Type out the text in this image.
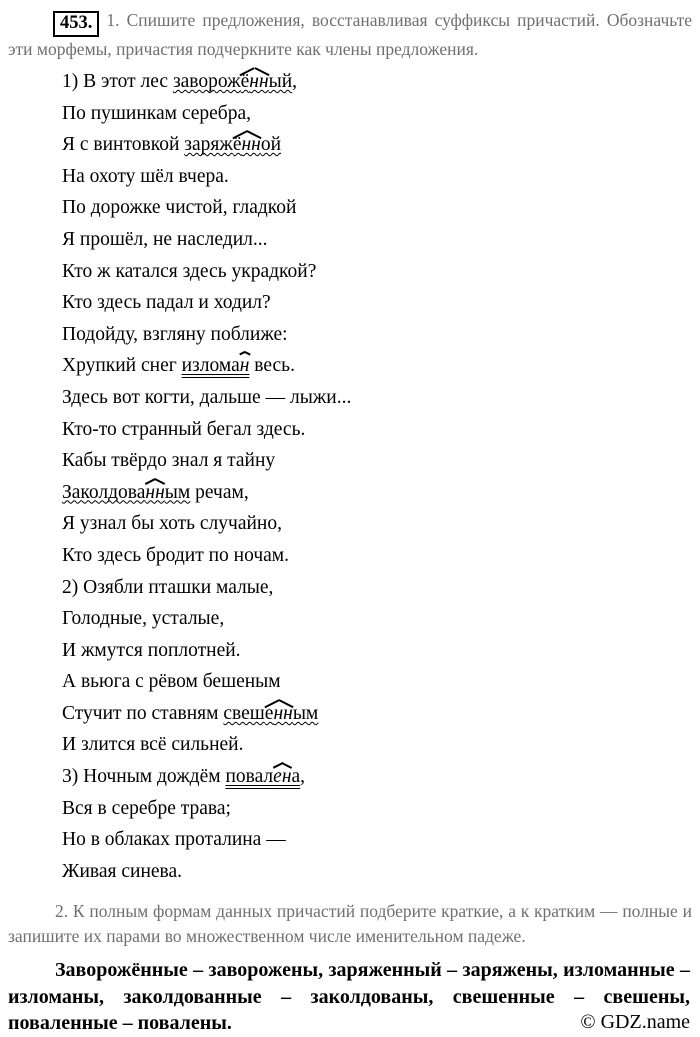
453. 1. Спишите предложения, восстанавливая суффиксы причастий. Обозначьте эти морфемы, причастия подчеркните как члены предложения.

1) В этот лес заворожённый,
По пушинкам серебра,
Я с винтовкой заряжённой
На охоту шёл вчера.
По дорожке чистой, гладкой
Я прошёл, не наследил...
Кто ж катался здесь украдкой?
Кто здесь падал и ходил?
Подойду, взгляну поближе:
Хрупкий снег изломан весь.
Здесь вот когти, дальше — лыжи...
Кто-то странный бегал здесь.
Кабы твёрдо знал я тайну
Заколдованным речам,
Я узнал бы хоть случайно,
Кто здесь бродит по ночам.
2) Озябли пташки малые,
Голодные, усталые,
И жмутся поплотней.
А вьюга с рёвом бешеным
Стучит по ставням свешенным
И злится всё сильней.
3) Ночным дождём повалена,
Вся в серебре трава;
Но в облаках проталина —
Живая синева.

2. К полным формам данных причастий подберите краткие, а к кратким — полные и запишите их парами во множественном числе именительном падеже.

Заворожённые – заворожены, заряженный – заряжены, изломанные – изломаны, заколдованные – заколдованы, свешенные – свешены, поваленные – повалены.	© GDZ.name
